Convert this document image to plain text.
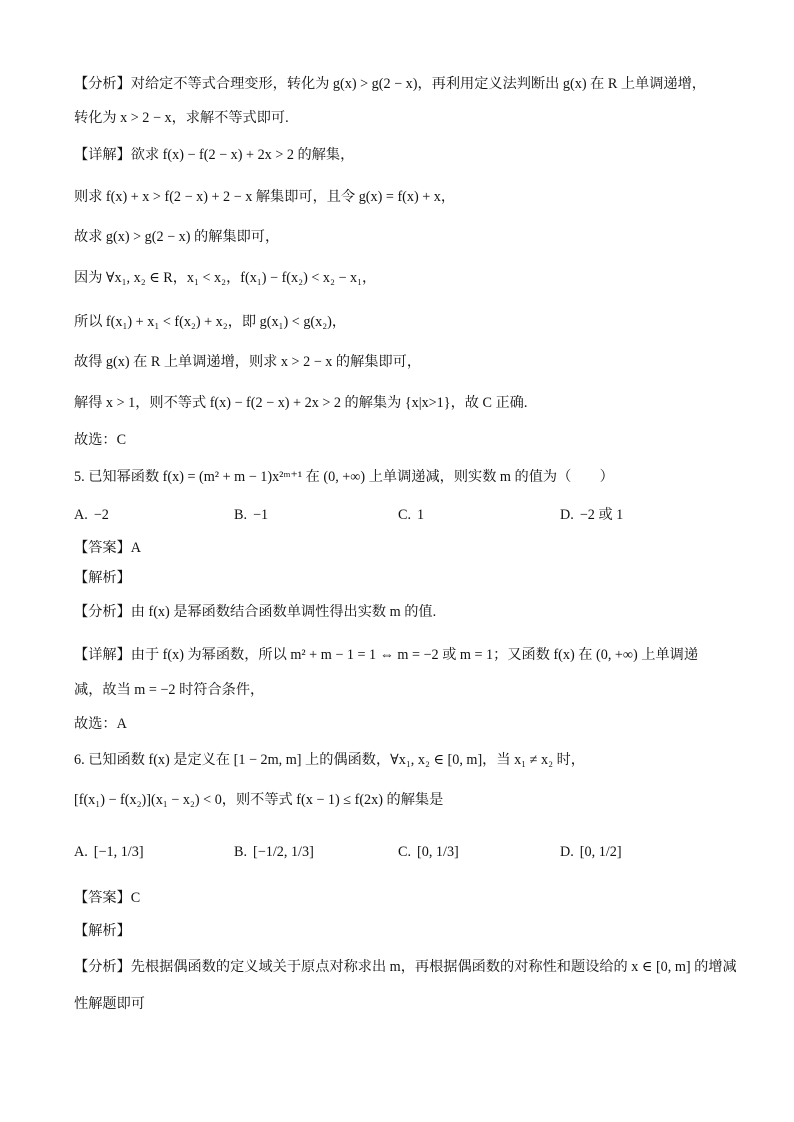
【分析】对给定不等式合理变形，转化为 g(x) > g(2 − x)，再利用定义法判断出 g(x) 在 R 上单调递增，
转化为 x > 2 − x，求解不等式即可.
【详解】欲求 f(x) − f(2 − x) + 2x > 2 的解集，
则求 f(x) + x > f(2 − x) + 2 − x 解集即可，且令 g(x) = f(x) + x，
故求 g(x) > g(2 − x) 的解集即可，
因为 ∀x₁, x₂ ∈ R，x₁ < x₂，f(x₁) − f(x₂) < x₂ − x₁，
所以 f(x₁) + x₁ < f(x₂) + x₂，即 g(x₁) < g(x₂)，
故得 g(x) 在 R 上单调递增，则求 x > 2 − x 的解集即可，
解得 x > 1，则不等式 f(x) − f(2 − x) + 2x > 2 的解集为 {x|x>1}，故 C 正确.
故选：C
5. 已知幂函数 f(x) = (m² + m − 1)x²ᵐ⁺¹ 在 (0, +∞) 上单调递减，则实数 m 的值为（　　）
A. −2	B. −1	C. 1	D. −2 或 1
【答案】A
【解析】
【分析】由 f(x) 是幂函数结合函数单调性得出实数 m 的值.
【详解】由于 f(x) 为幂函数，所以 m² + m − 1 = 1 ⇔ m = −2 或 m = 1；又函数 f(x) 在 (0, +∞) 上单调递
减，故当 m = −2 时符合条件，
故选：A
6. 已知函数 f(x) 是定义在 [1 − 2m, m] 上的偶函数，∀x₁, x₂ ∈ [0, m]，当 x₁ ≠ x₂ 时，
[f(x₁) − f(x₂)](x₁ − x₂) < 0，则不等式 f(x − 1) ≤ f(2x) 的解集是
A. [−1, 1/3]	B. [−1/2, 1/3]	C. [0, 1/3]	D. [0, 1/2]
【答案】C
【解析】
【分析】先根据偶函数的定义域关于原点对称求出 m，再根据偶函数的对称性和题设给的 x ∈ [0, m] 的增减
性解题即可
